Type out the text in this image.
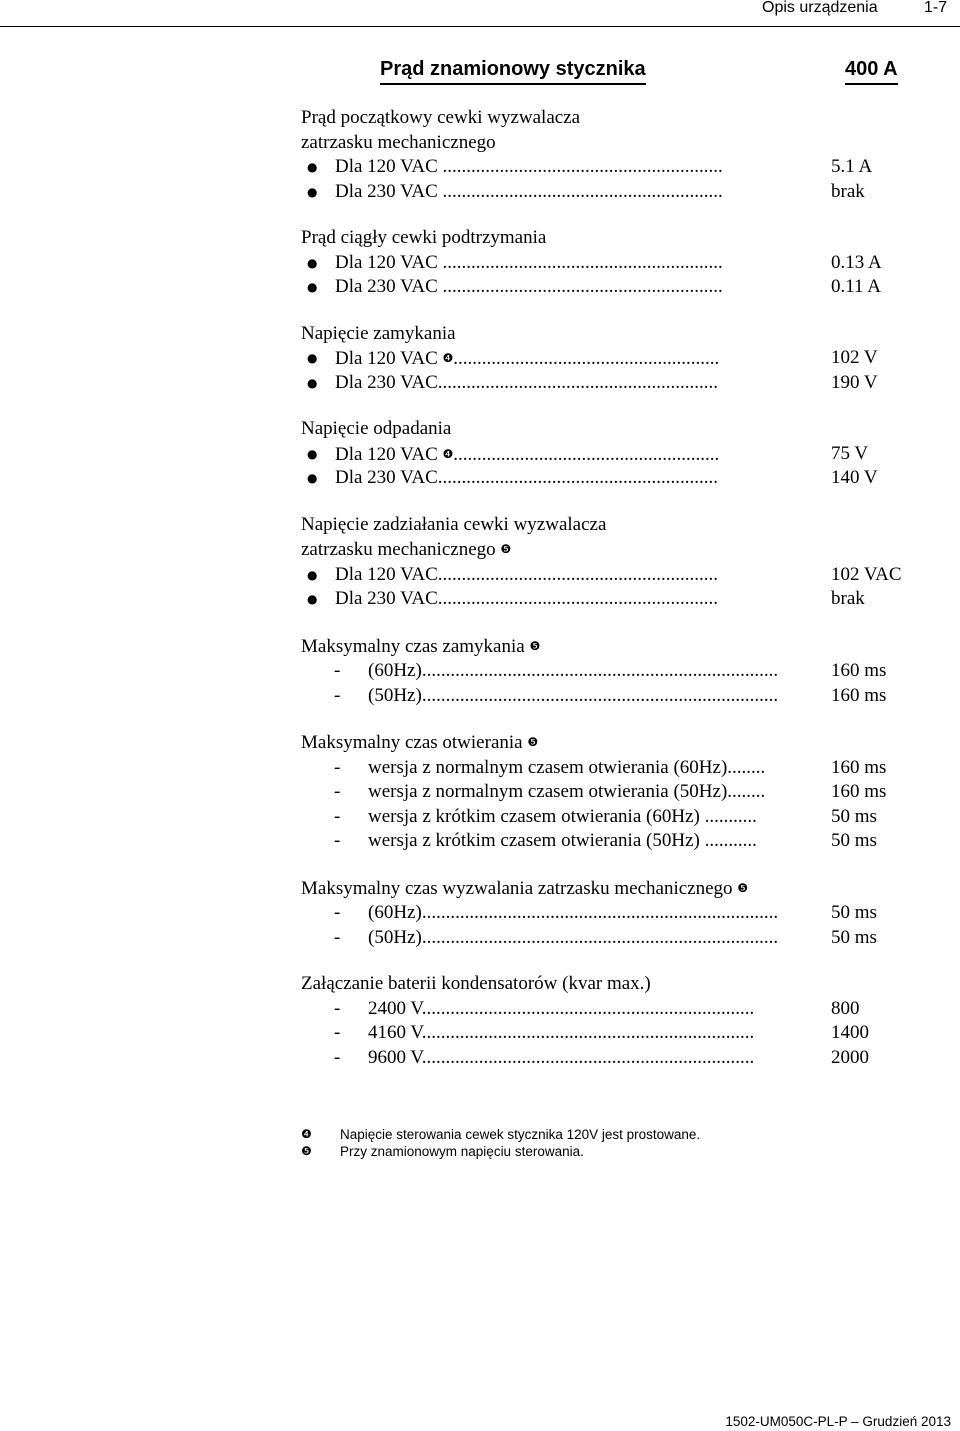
Opis urządzenia	1-7
Prąd znamionowy stycznika	400 A
Prąd początkowy cewki wyzwalacza
zatrzasku mechanicznego
● Dla 120 VAC ...........................................................	5.1 A
● Dla 230 VAC ...........................................................	brak
Prąd ciągły cewki podtrzymania
● Dla 120 VAC ...........................................................	0.13 A
● Dla 230 VAC ...........................................................	0.11 A
Napięcie zamykania
● Dla 120 VAC ❹........................................................	102 V
● Dla 230 VAC...........................................................	190 V
Napięcie odpadania
● Dla 120 VAC ❹........................................................	75 V
● Dla 230 VAC...........................................................	140 V
Napięcie zadziałania cewki wyzwalacza
zatrzasku mechanicznego ❺
● Dla 120 VAC...........................................................	102 VAC
● Dla 230 VAC...........................................................	brak
Maksymalny czas zamykania ❺
- (60Hz)...........................................................................	160 ms
- (50Hz)...........................................................................	160 ms
Maksymalny czas otwierania ❺
- wersja z normalnym czasem otwierania (60Hz)........	160 ms
- wersja z normalnym czasem otwierania (50Hz)........	160 ms
- wersja z krótkim czasem otwierania (60Hz) ...........	50 ms
- wersja z krótkim czasem otwierania (50Hz) ...........	50 ms
Maksymalny czas wyzwalania zatrzasku mechanicznego ❺
- (60Hz)...........................................................................	50 ms
- (50Hz)...........................................................................	50 ms
Załączanie baterii kondensatorów (kvar max.)
- 2400 V......................................................................	800
- 4160 V......................................................................	1400
- 9600 V......................................................................	2000
❹ Napięcie sterowania cewek stycznika 120V jest prostowane.
❺ Przy znamionowym napięciu sterowania.
1502-UM050C-PL-P – Grudzień 2013
